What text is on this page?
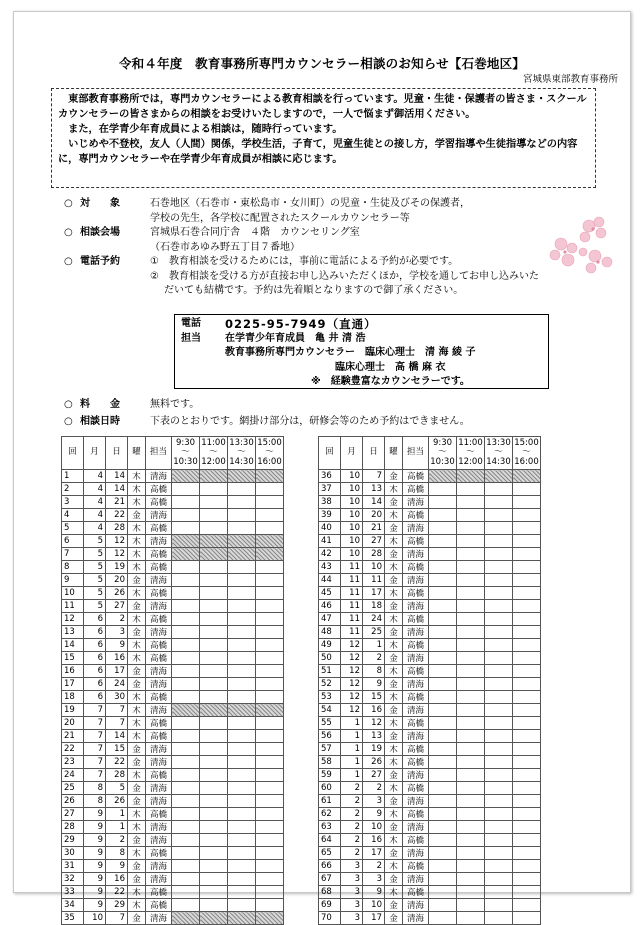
令和４年度　教育事務所専門カウンセラー相談のお知らせ【石巻地区】
宮城県東部教育事務所

　東部教育事務所では，専門カウンセラーによる教育相談を行っています。児童・生徒・保護者の皆さま・スクールカウンセラーの皆さまからの相談をお受けいたしますので，一人で悩まず御活用ください。

　また，在学青少年育成員による相談は，随時行っています。

　いじめや不登校，友人（人間）関係，学校生活，子育て，児童生徒との接し方，学習指導や生徒指導などの内容に，専門カウンセラーや在学青少年育成員が相談に応じます。

○ 対　　象	石巻地区（石巻市・東松島市・女川町）の児童・生徒及びその保護者，
学校の先生，各学校に配置されたスクールカウンセラー等
○ 相談会場	宮城県石巻合同庁舎　４階　カウンセリング室
（石巻市あゆみ野五丁目７番地）
○ 電話予約	①　教育相談を受けるためには，事前に電話による予約が必要です。
②　教育相談を受ける方が直接お申し込みいただくほか，学校を通してお申し込みいた
だいても結構です。予約は先着順となりますので御了承ください。
電話	0225-95-7949（直通）
担当	在学青少年育成員　亀 井 清 浩
教育事務所専門カウンセラー　臨床心理士　清 海 綾 子
臨床心理士　高 橋 麻 衣
※　経験豊富なカウンセラーです。
○ 料　　金	無料です。
○ 相談日時	下表のとおりです。網掛け部分は，研修会等のため予約はできません。
回	月	日	曜	担当	9:30
～
10:30	11:00
～
12:00	13:30
～
14:30	15:00
～
16:00
1	4	14	木	清海				
2	4	14	木	高橋				
3	4	21	木	高橋				
4	4	22	金	清海				
5	4	28	木	高橋				
6	5	12	木	清海				
7	5	12	木	高橋				
8	5	19	木	高橋				
9	5	20	金	清海				
10	5	26	木	高橋				
11	5	27	金	清海				
12	6	2	木	高橋				
13	6	3	金	清海				
14	6	9	木	高橋				
15	6	16	木	高橋				
16	6	17	金	清海				
17	6	24	金	清海				
18	6	30	木	高橋				
19	7	7	木	清海				
20	7	7	木	高橋				
21	7	14	木	高橋				
22	7	15	金	清海				
23	7	22	金	清海				
24	7	28	木	高橋				
25	8	5	金	清海				
26	8	26	金	清海				
27	9	1	木	高橋				
28	9	1	木	清海				
29	9	2	金	清海				
30	9	8	木	高橋				
31	9	9	金	清海				
32	9	16	金	清海				
33	9	22	木	高橋				
34	9	29	木	高橋				
35	10	7	金	清海				
回	月	日	曜	担当	9:30
～
10:30	11:00
～
12:00	13:30
～
14:30	15:00
～
16:00
36	10	7	金	高橋				
37	10	13	木	高橋				
38	10	14	金	清海				
39	10	20	木	高橋				
40	10	21	金	清海				
41	10	27	木	高橋				
42	10	28	金	清海				
43	11	10	木	高橋				
44	11	11	金	清海				
45	11	17	木	高橋				
46	11	18	金	清海				
47	11	24	木	高橋				
48	11	25	金	清海				
49	12	1	木	高橋				
50	12	2	金	清海				
51	12	8	木	高橋				
52	12	9	金	清海				
53	12	15	木	高橋				
54	12	16	金	清海				
55	1	12	木	高橋				
56	1	13	金	清海				
57	1	19	木	高橋				
58	1	26	木	高橋				
59	1	27	金	清海				
60	2	2	木	高橋				
61	2	3	金	清海				
62	2	9	木	高橋				
63	2	10	金	清海				
64	2	16	木	高橋				
65	2	17	金	清海				
66	3	2	木	高橋				
67	3	3	金	清海				
68	3	9	木	高橋				
69	3	10	金	清海				
70	3	17	金	清海				
